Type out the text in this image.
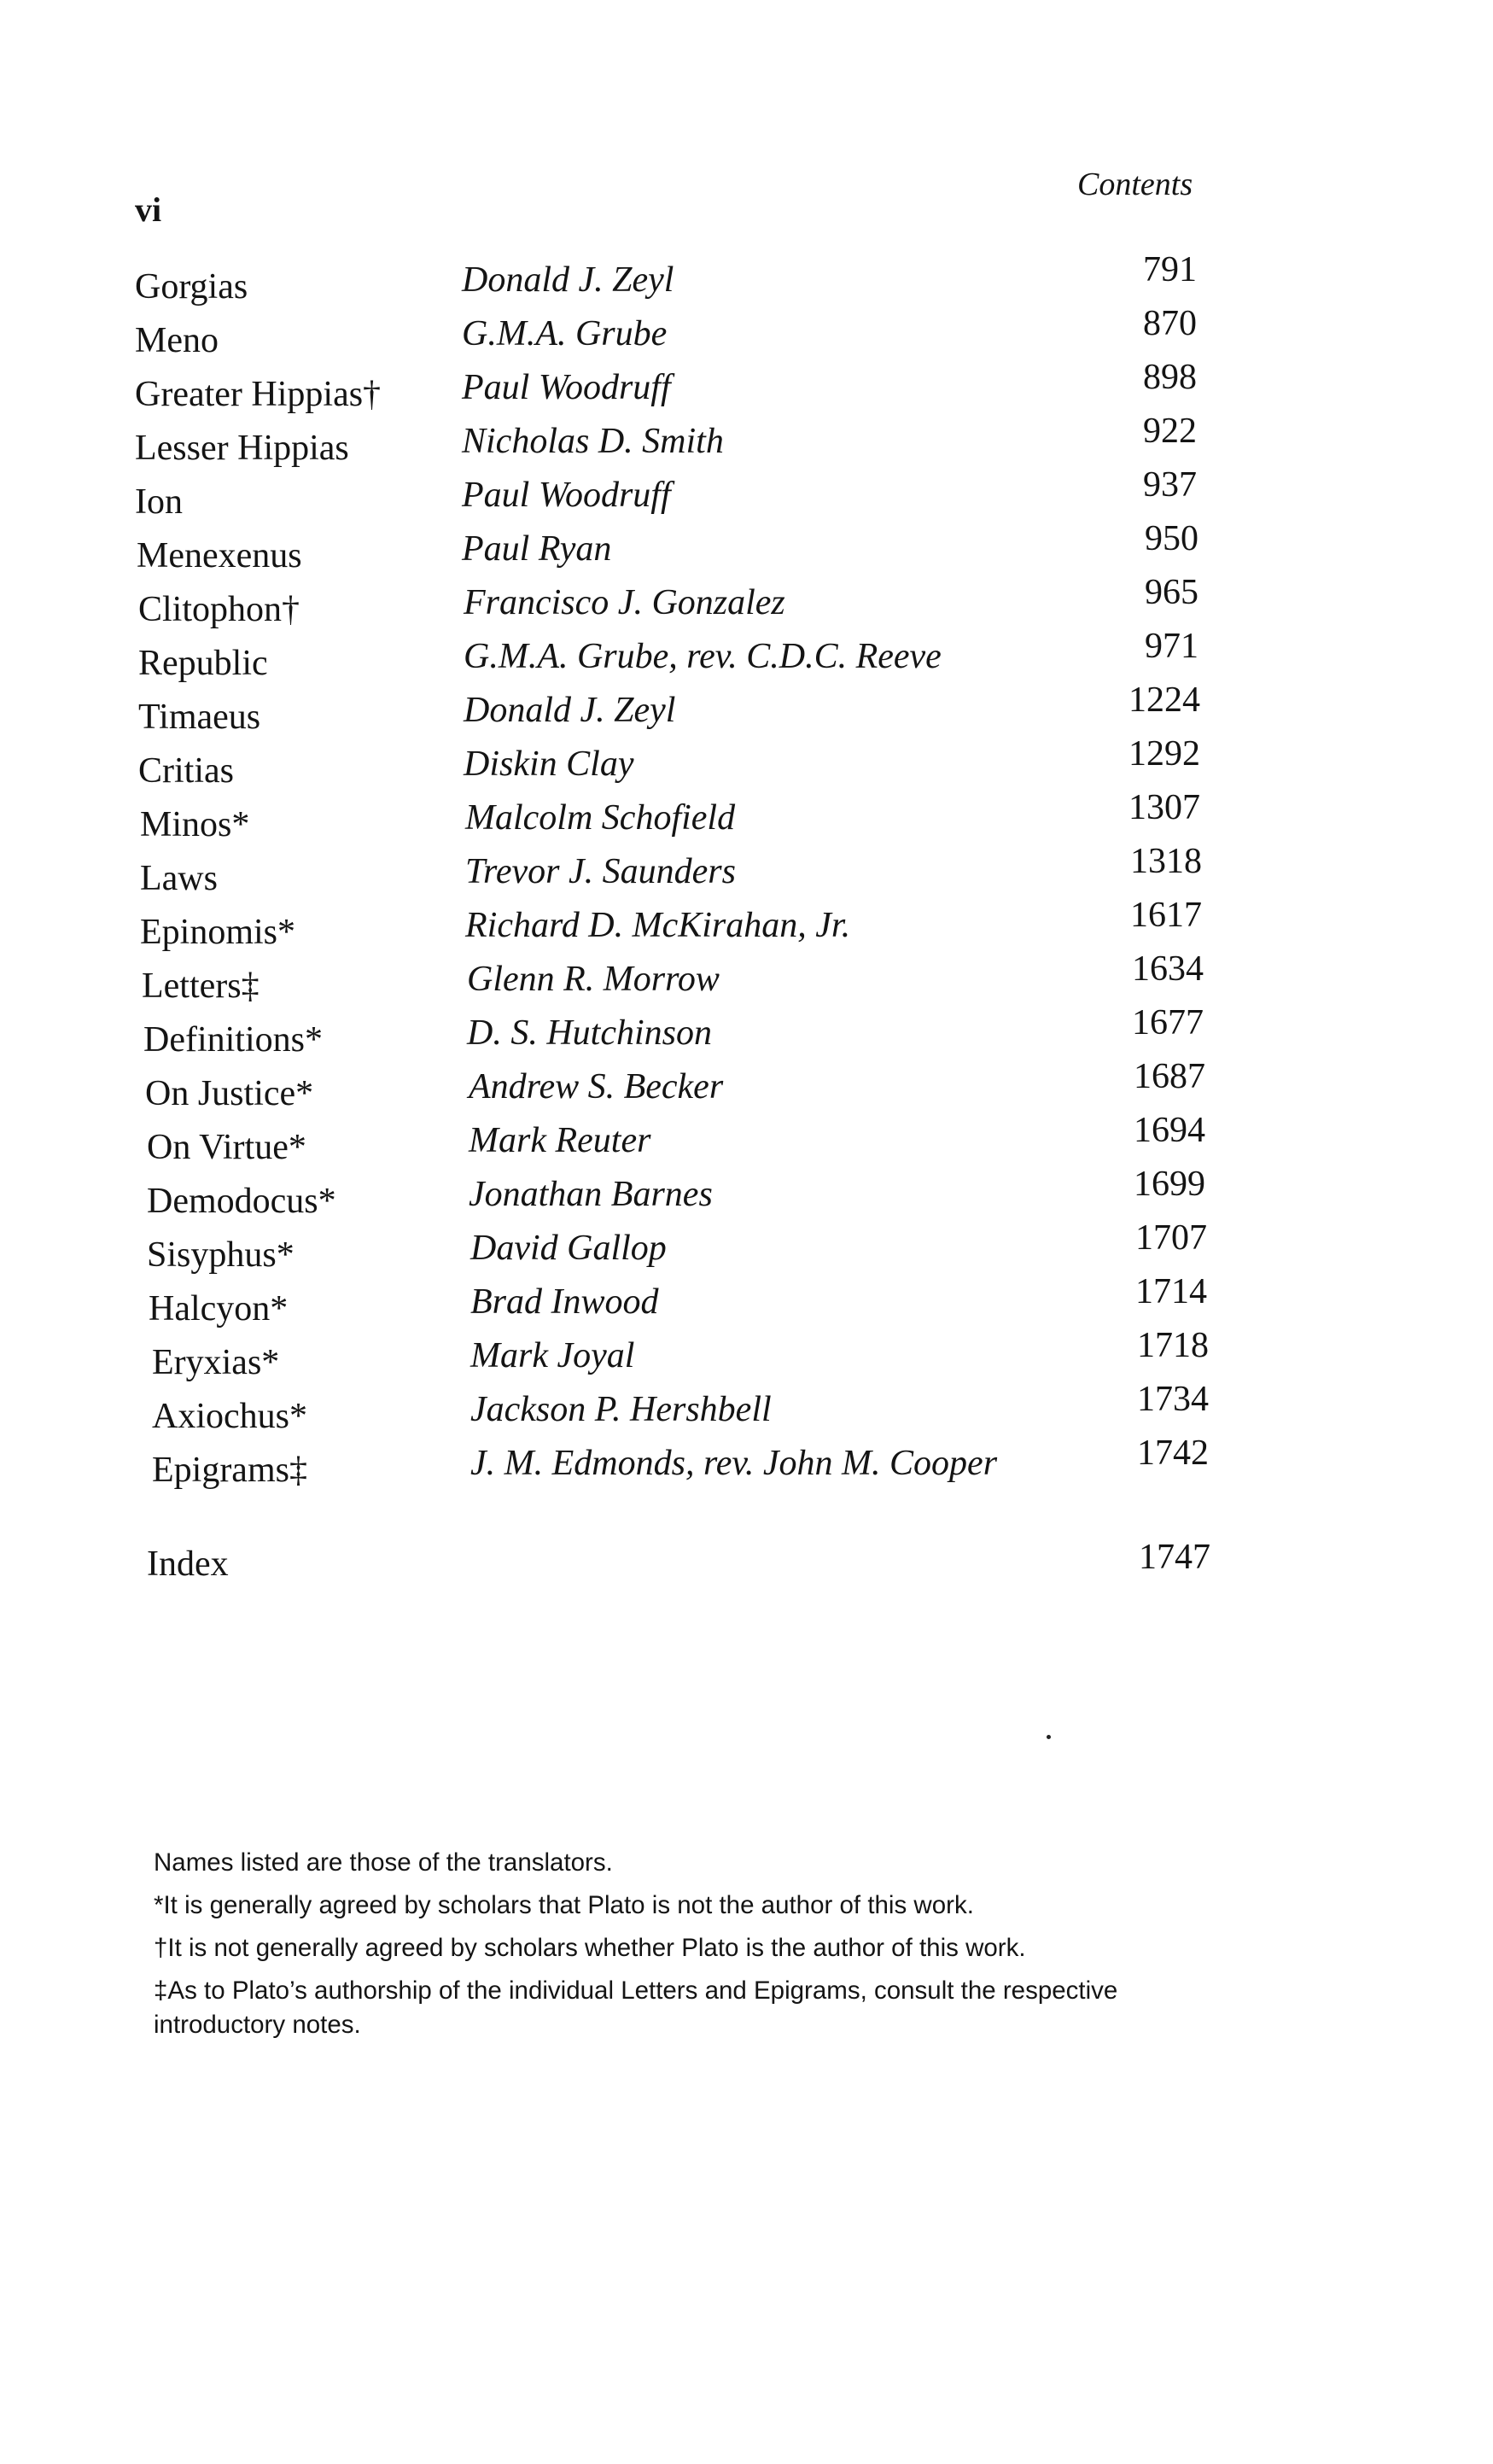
vi
Contents
Gorgias	Donald J. Zeyl	791
Meno	G.M.A. Grube	870
Greater Hippias† Paul Woodruff	898
Lesser Hippias	Nicholas D. Smith	922
Ion	Paul Woodruff	937
Menexenus	Paul Ryan	950
Clitophon†	Francisco J. Gonzalez	965
Republic	G.M.A. Grube, rev. C.D.C. Reeve	971
Timaeus	Donald J. Zeyl	1224
Critias	Diskin Clay	1292
Minos*	Malcolm Schofield	1307
Laws	Trevor J. Saunders	1318
Epinomis*	Richard D. McKirahan, Jr.	1617
Letters‡	Glenn R. Morrow	1634
Definitions*	D. S. Hutchinson	1677
On Justice*	Andrew S. Becker	1687
On Virtue*	Mark Reuter	1694
Demodocus*	Jonathan Barnes	1699
Sisyphus*	David Gallop	1707
Halcyon*	Brad Inwood	1714
Eryxias*	Mark Joyal	1718
Axiochus*	Jackson P. Hershbell	1734
Epigrams‡	J. M. Edmonds, rev. John M. Cooper	1742
Index	1747

Names listed are those of the translators.

*It is generally agreed by scholars that Plato is not the author of this work.

†It is not generally agreed by scholars whether Plato is the author of this work.

‡As to Plato’s authorship of the individual Letters and Epigrams, consult the respective introductory notes.
